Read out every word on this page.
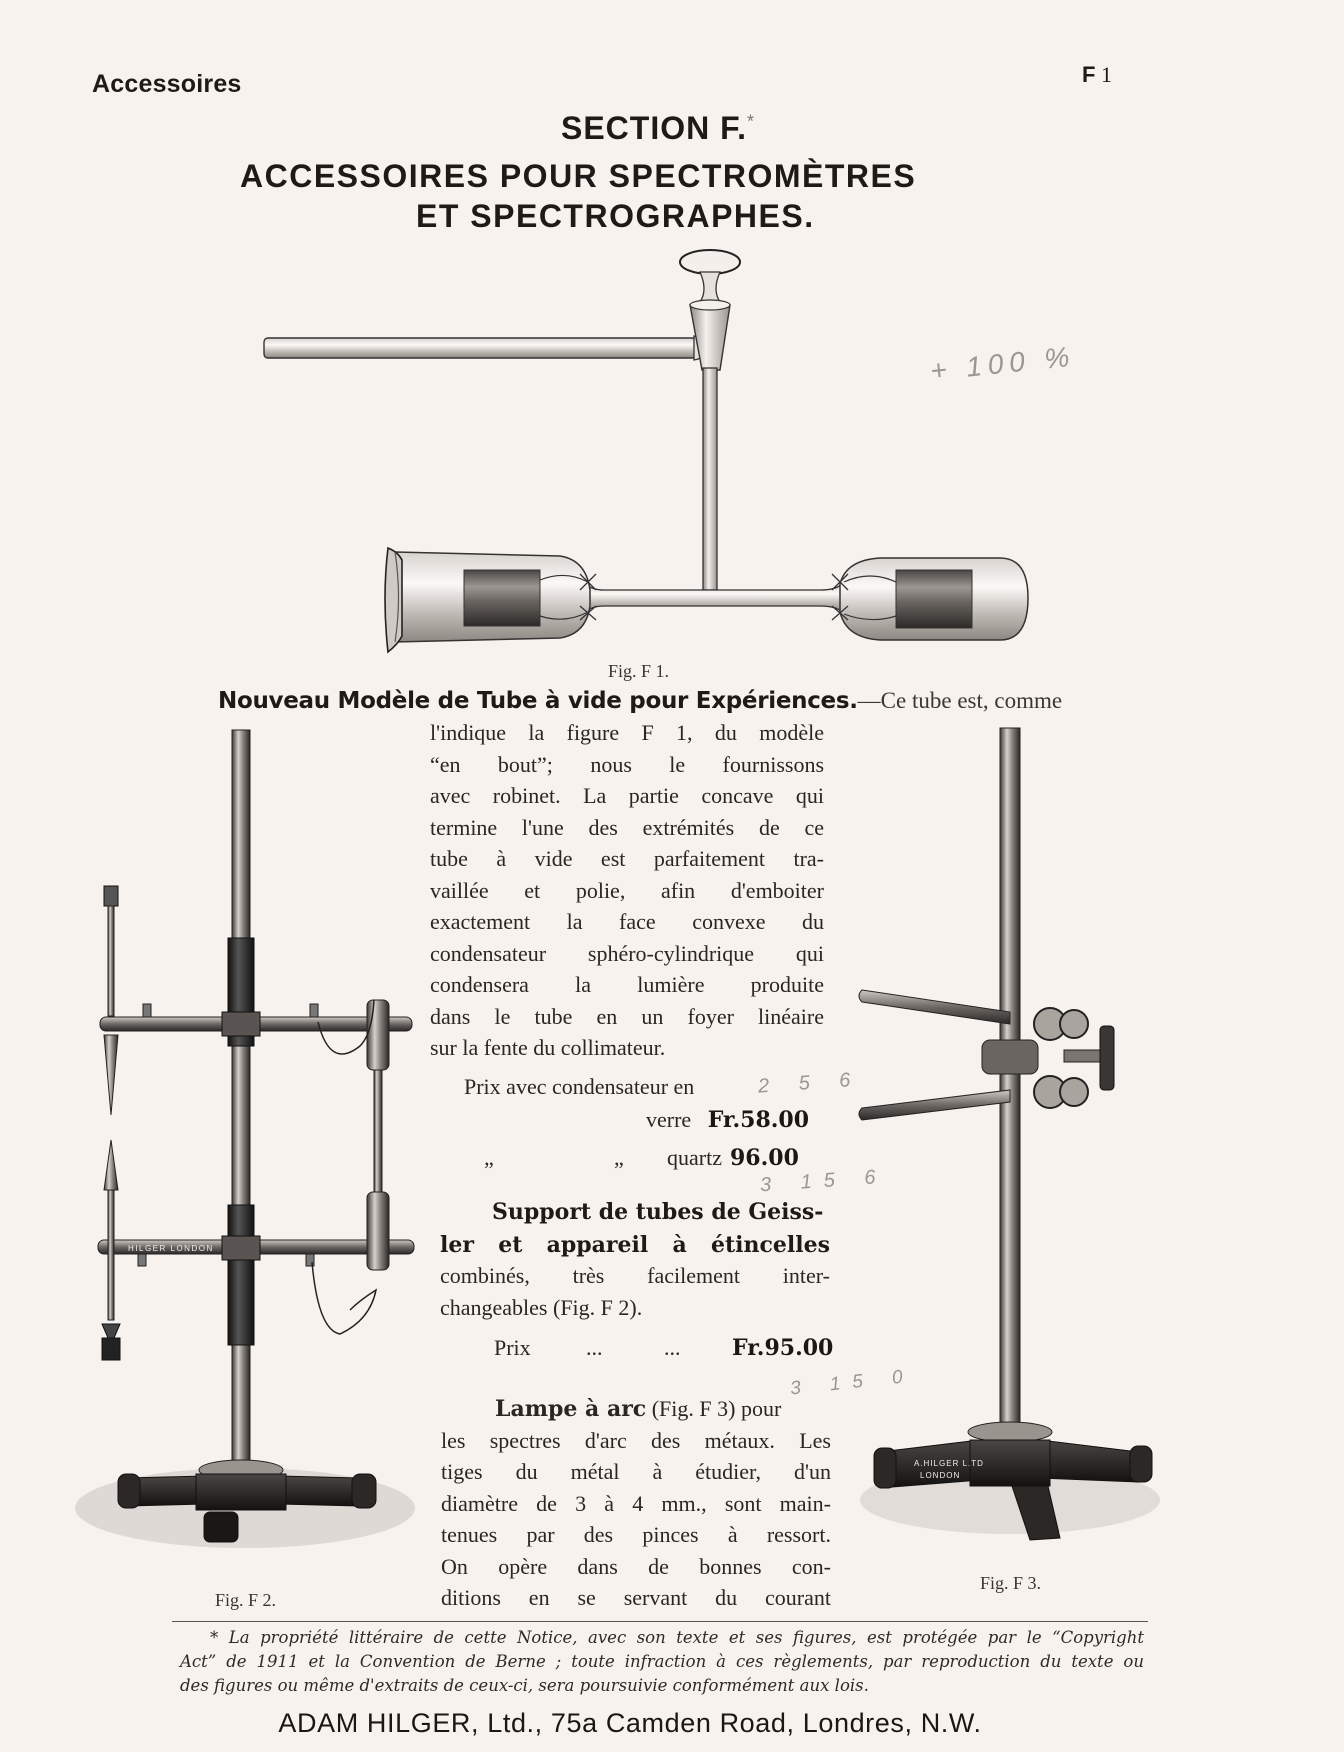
Accessoires	F 1
SECTION F.*
ACCESSOIRES POUR SPECTROMÈTRES
ET SPECTROGRAPHES.
+ 100 %
Fig. F 1.
Nouveau Modèle de Tube à vide pour Expériences.—Ce tube est, comme
l'indique la figure F 1, du modèle
“en bout”; nous le fournissons
avec robinet. La partie concave qui
termine l'une des extrémités de ce
tube à vide est parfaitement tra-
vaillée et polie, afin d'emboiter
exactement la face convexe du
condensateur sphéro-cylindrique qui
condensera la lumière produite
dans le tube en un foyer linéaire
sur la fente du collimateur.
Prix avec condensateur en	2 5 6
verre Fr.58.00
„	„ quartz 96.00
3 15 6
Support de tubes de Geiss-
ler et appareil à étincelles
combinés, très facilement inter-
changeables (Fig. F 2).
Prix	...	... Fr.95.00
3 15 0
Lampe à arc (Fig. F 3) pour
les spectres d'arc des métaux. Les
tiges du métal à étudier, d'un
diamètre de 3 à 4 mm., sont main-
tenues par des pinces à ressort.
On opère dans de bonnes con-
ditions en se servant du courant
HILGER LONDON
Fig. F 2.
A.HILGER L.TD
LONDON
Fig. F 3.
* La propriété littéraire de cette Notice, avec son texte et ses figures, est protégée par le “Copyright
Act” de 1911 et la Convention de Berne ; toute infraction à ces règlements, par reproduction du texte ou
des figures ou même d'extraits de ceux-ci, sera poursuivie conformément aux lois.
ADAM HILGER, Ltd., 75a Camden Road, Londres, N.W.
